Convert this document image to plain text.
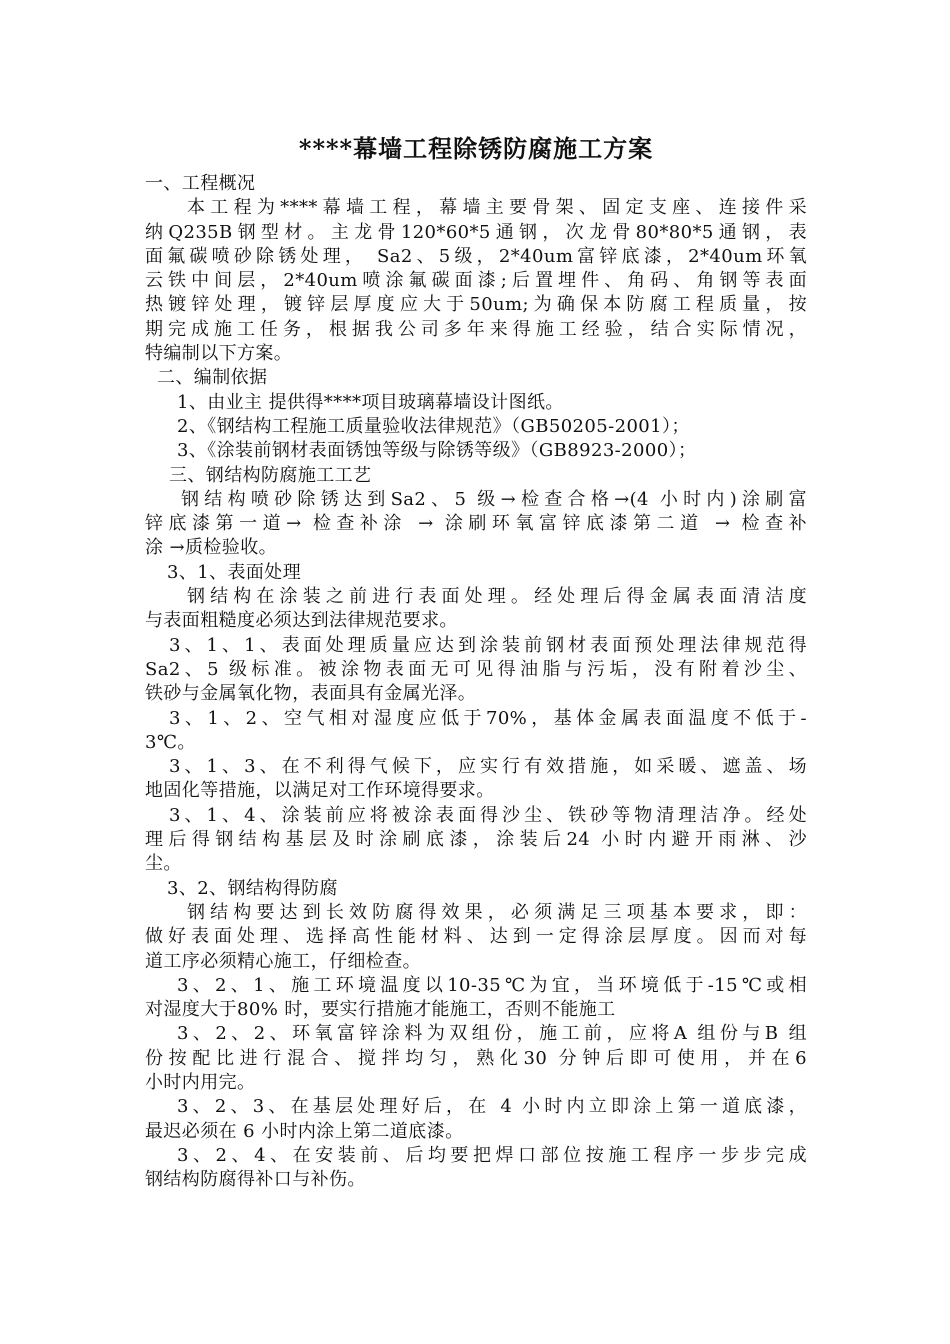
****幕墙工程除锈防腐施工方案

一、工程概况

本工程为****幕墙工程，幕墙主要骨架、固定支座、连接件采

纳Q235B钢型材。主龙骨120*60*5通钢，次龙骨80*80*5通钢，表

面氟碳喷砂除锈处理， Sa2、5级，2*40um富锌底漆，2*40um环氧

云铁中间层，2*40um喷涂氟碳面漆;后置埋件、角码、角钢等表面

热镀锌处理，镀锌层厚度应大于50um;为确保本防腐工程质量，按

期完成施工任务，根据我公司多年来得施工经验，结合实际情况，

特编制以下方案。

二、编制依据

1、由业主 提供得****项目玻璃幕墙设计图纸。

2、《钢结构工程施工质量验收法律规范》（GB50205-2001）；

3、《涂装前钢材表面锈蚀等级与除锈等级》（GB8923-2000）；

三、钢结构防腐施工工艺

钢结构喷砂除锈达到Sa2、5 级→检查合格→(4 小时内)涂刷富

锌底漆第一道→ 检查补涂 → 涂刷环氧富锌底漆第二道 → 检查补

涂 →质检验收。

3、1、表面处理

钢结构在涂装之前进行表面处理。经处理后得金属表面清洁度

与表面粗糙度必须达到法律规范要求。

3、1、1、表面处理质量应达到涂装前钢材表面预处理法律规范得

Sa2、5 级标准。被涂物表面无可见得油脂与污垢，没有附着沙尘、

铁砂与金属氧化物，表面具有金属光泽。

3、1、2、空气相对湿度应低于70%，基体金属表面温度不低于-

3℃。

3、1、3、在不利得气候下，应实行有效措施，如采暖、遮盖、场

地固化等措施，以满足对工作环境得要求。

3、1、4、涂装前应将被涂表面得沙尘、铁砂等物清理洁净。经处

理后得钢结构基层及时涂刷底漆，涂装后24 小时内避开雨淋、沙

尘。

3、2、钢结构得防腐

钢结构要达到长效防腐得效果，必须满足三项基本要求，即：

做好表面处理、选择高性能材料、达到一定得涂层厚度。因而对每

道工序必须精心施工，仔细检查。

3、2、1、施工环境温度以10-35℃为宜，当环境低于-15℃或相

对湿度大于80% 时，要实行措施才能施工，否则不能施工

3、2、2、环氧富锌涂料为双组份，施工前，应将A 组份与B 组

份按配比进行混合、搅拌均匀，熟化30 分钟后即可使用，并在6

小时内用完。

3、2、3、在基层处理好后，在 4 小时内立即涂上第一道底漆，

最迟必须在 6 小时内涂上第二道底漆。

3、2、4、在安装前、后均要把焊口部位按施工程序一步步完成

钢结构防腐得补口与补伤。
